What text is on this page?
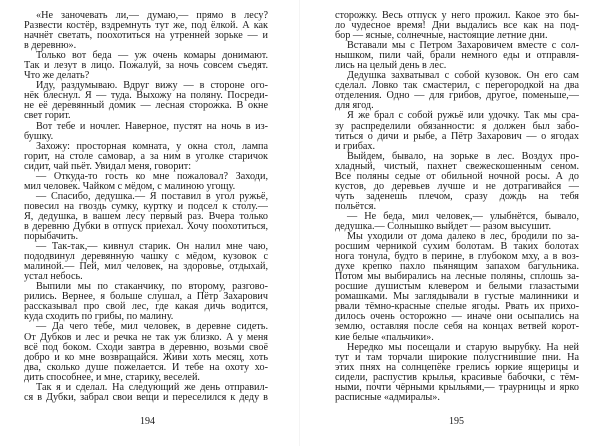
«Не заночевать ли,— думаю,— прямо в лесу?
Развести костёр, вздремнуть тут же, под ёлкой. А как
начнёт светать, поохотиться на утренней зорьке — и
в деревню».
Только вот беда — уж очень комары донимают.
Так и лезут в лицо. Пожалуй, за ночь совсем съедят.
Что же делать?
Иду, раздумываю. Вдруг вижу — в стороне ого-
нёк блеснул. Я — туда. Выхожу на поляну. Посреди-
не её деревянный домик — лесная сторожка. В окне
свет горит.
Вот тебе и ночлег. Наверное, пустят на ночь в из-
бушку.
Захожу: просторная комната, у окна стол, лампа
горит, на столе самовар, а за ним в уголке старичок
сидит, чай пьёт. Увидал меня, говорит:
— Откуда-то гость ко мне пожаловал? Заходи,
мил человек. Чайком с мёдом, с малиною угощу.
— Спасибо, дедушка.— Я поставил в угол ружьё,
повесил на гвоздь сумку, куртку и подсел к столу.—
Я, дедушка, в вашем лесу первый раз. Вчера только
в деревню Дубки в отпуск приехал. Хочу поохотиться,
порыбачить.
— Так-так,— кивнул старик. Он налил мне чаю,
пододвинул деревянную чашку с мёдом, кузовок с
малиной.— Пей, мил человек, на здоровье, отдыхай,
устал небось.
Выпили мы по стаканчику, по второму, разгово-
рились. Вернее, я больше слушал, а Пётр Захарович
рассказывал про свой лес, где какая дичь водится,
куда сходить по грибы, по малину.
— Да чего тебе, мил человек, в деревне сидеть.
От Дубков и лес и речка не так уж близко. А у меня
всё под боком. Сходи завтра в деревню, возьми своё
добро и ко мне возвращайся. Живи хоть месяц, хоть
два, сколько душе пожелается. И тебе на охоту хо-
дить способнее, и мне, старику, веселей.
Так я и сделал. На следующий же день отправил-
ся в Дубки, забрал свои вещи и переселился к деду в
сторожку. Весь отпуск у него прожил. Какое это бы-
ло чудесное время! Дни выдались все как на под-
бор — ясные, солнечные, настоящие летние дни.
Вставали мы с Петром Захаровичем вместе с сол-
нышком, пили чай, брали немного еды и отправля-
лись на целый день в лес.
Дедушка захватывал с собой кузовок. Он его сам
сделал. Ловко так смастерил, с перегородкой на два
отделения. Одно — для грибов, другое, поменьше,—
для ягод.
Я же брал с собой ружьё или удочку. Так мы сра-
зу распределили обязанности: я должен был забо-
титься о дичи и рыбе, а Пётр Захарович — о ягодах
и грибах.
Выйдем, бывало, на зорьке в лес. Воздух про-
хладный, чистый, пахнет свежескошенным сеном.
Все поляны седые от обильной ночной росы. А до
кустов, до деревьев лучше и не дотрагивайся —
чуть заденешь плечом, сразу дождь на тебя
польётся.
— Не беда, мил человек,— улыбнётся, бывало,
дедушка.— Солнышко выйдет — разом высушит.
Мы уходили от дома далеко в лес, бродили по за-
росшим черникой сухим болотам. В таких болотах
нога тонула, будто в перине, в глубоком мху, а в воз-
духе крепко пахло пьянящим запахом багульника.
Потом мы выбирались на лесные поляны, сплошь за-
росшие душистым клевером и белыми глазастыми
ромашками. Мы заглядывали в густые малинники и
рвали тёмно-красные спелые ягоды. Рвать их прихо-
дилось очень осторожно — иначе они осыпались на
землю, оставляя после себя на концах ветвей корот-
кие белые «пальчики».
Нередко мы посещали и старую вырубку. На ней
тут и там торчали широкие полусгнившие пни. На
этих пнях на солнцепёке грелись юркие ящерицы и
сидели, распустив крылья, красивые бабочки, с тём-
ными, почти чёрными крыльями,— траурницы и ярко
расписные «адмиралы».
194	195
